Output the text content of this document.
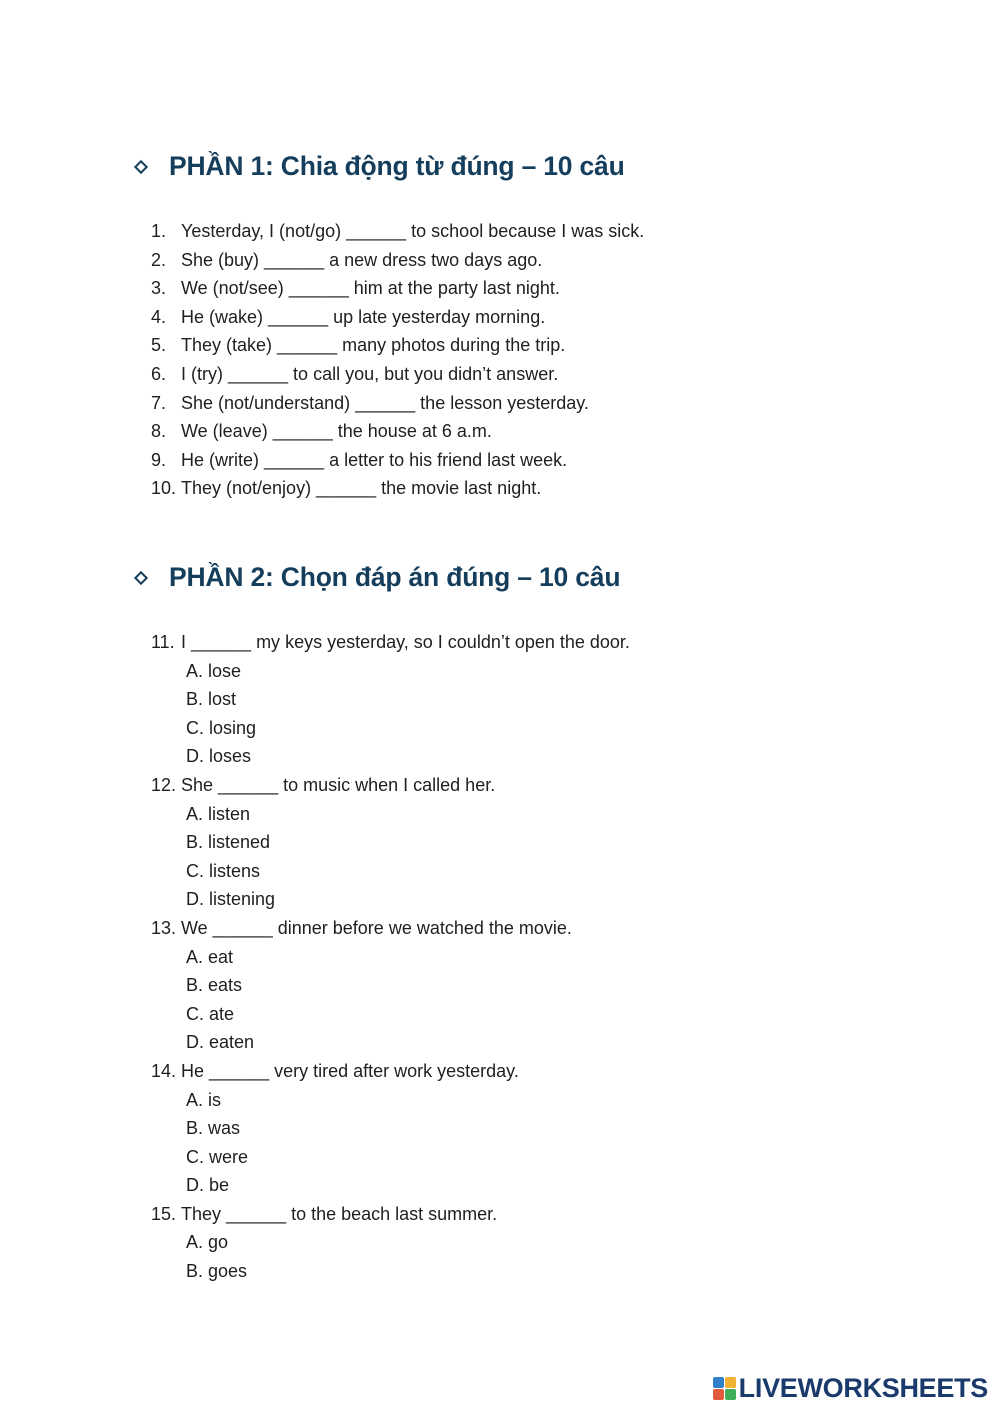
PHẦN 1: Chia động từ đúng – 10 câu
1. Yesterday, I (not/go) ______ to school because I was sick.
2. She (buy) ______ a new dress two days ago.
3. We (not/see) ______ him at the party last night.
4. He (wake) ______ up late yesterday morning.
5. They (take) ______ many photos during the trip.
6. I (try) ______ to call you, but you didn’t answer.
7. She (not/understand) ______ the lesson yesterday.
8. We (leave) ______ the house at 6 a.m.
9. He (write) ______ a letter to his friend last week.
10. They (not/enjoy) ______ the movie last night.
PHẦN 2: Chọn đáp án đúng – 10 câu
11. I ______ my keys yesterday, so I couldn’t open the door.
A. lose
B. lost
C. losing
D. loses
12. She ______ to music when I called her.
A. listen
B. listened
C. listens
D. listening
13. We ______ dinner before we watched the movie.
A. eat
B. eats
C. ate
D. eaten
14. He ______ very tired after work yesterday.
A. is
B. was
C. were
D. be
15. They ______ to the beach last summer.
A. go
B. goes
LIVEWORKSHEETS
